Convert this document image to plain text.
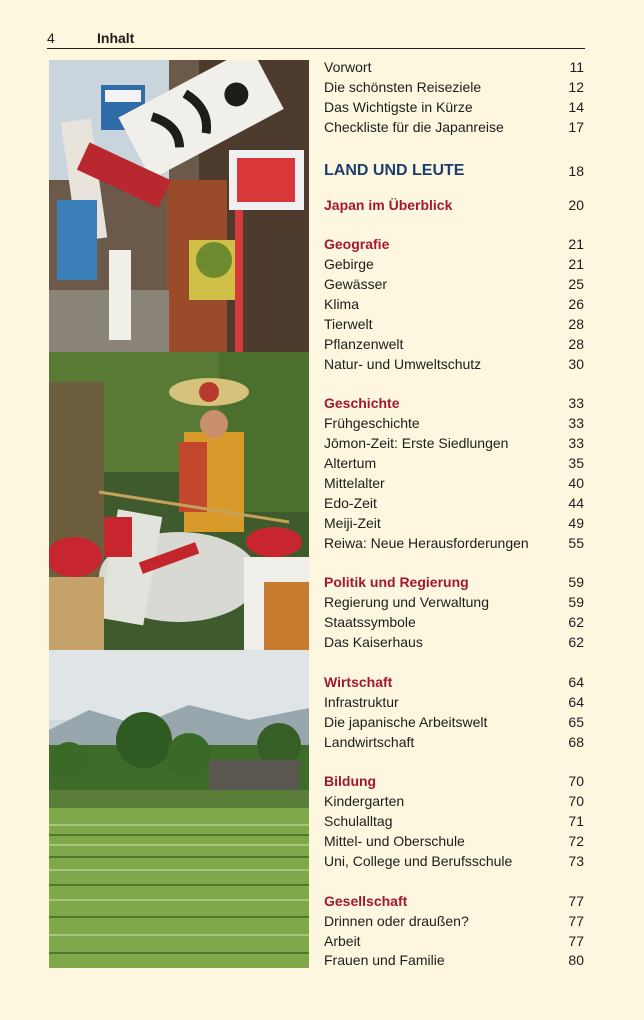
4	Inhalt
Vorwort	11
Die schönsten Reiseziele	12
Das Wichtigste in Kürze	14
Checkliste für die Japanreise	17
LAND UND LEUTE	18
Japan im Überblick	20
Geografie	21
Gebirge	21
Gewässer	25
Klima	26
Tierwelt	28
Pflanzenwelt	28
Natur- und Umweltschutz	30
Geschichte	33
Frühgeschichte	33
Jōmon-Zeit: Erste Siedlungen	33
Altertum	35
Mittelalter	40
Edo-Zeit	44
Meiji-Zeit	49
Reiwa: Neue Herausforderungen	55
Politik und Regierung	59
Regierung und Verwaltung	59
Staatssymbole	62
Das Kaiserhaus	62
Wirtschaft	64
Infrastruktur	64
Die japanische Arbeitswelt	65
Landwirtschaft	68
Bildung	70
Kindergarten	70
Schulalltag	71
Mittel- und Oberschule	72
Uni, College und Berufsschule	73
Gesellschaft	77
Drinnen oder draußen?	77
Arbeit	77
Frauen und Familie	80
